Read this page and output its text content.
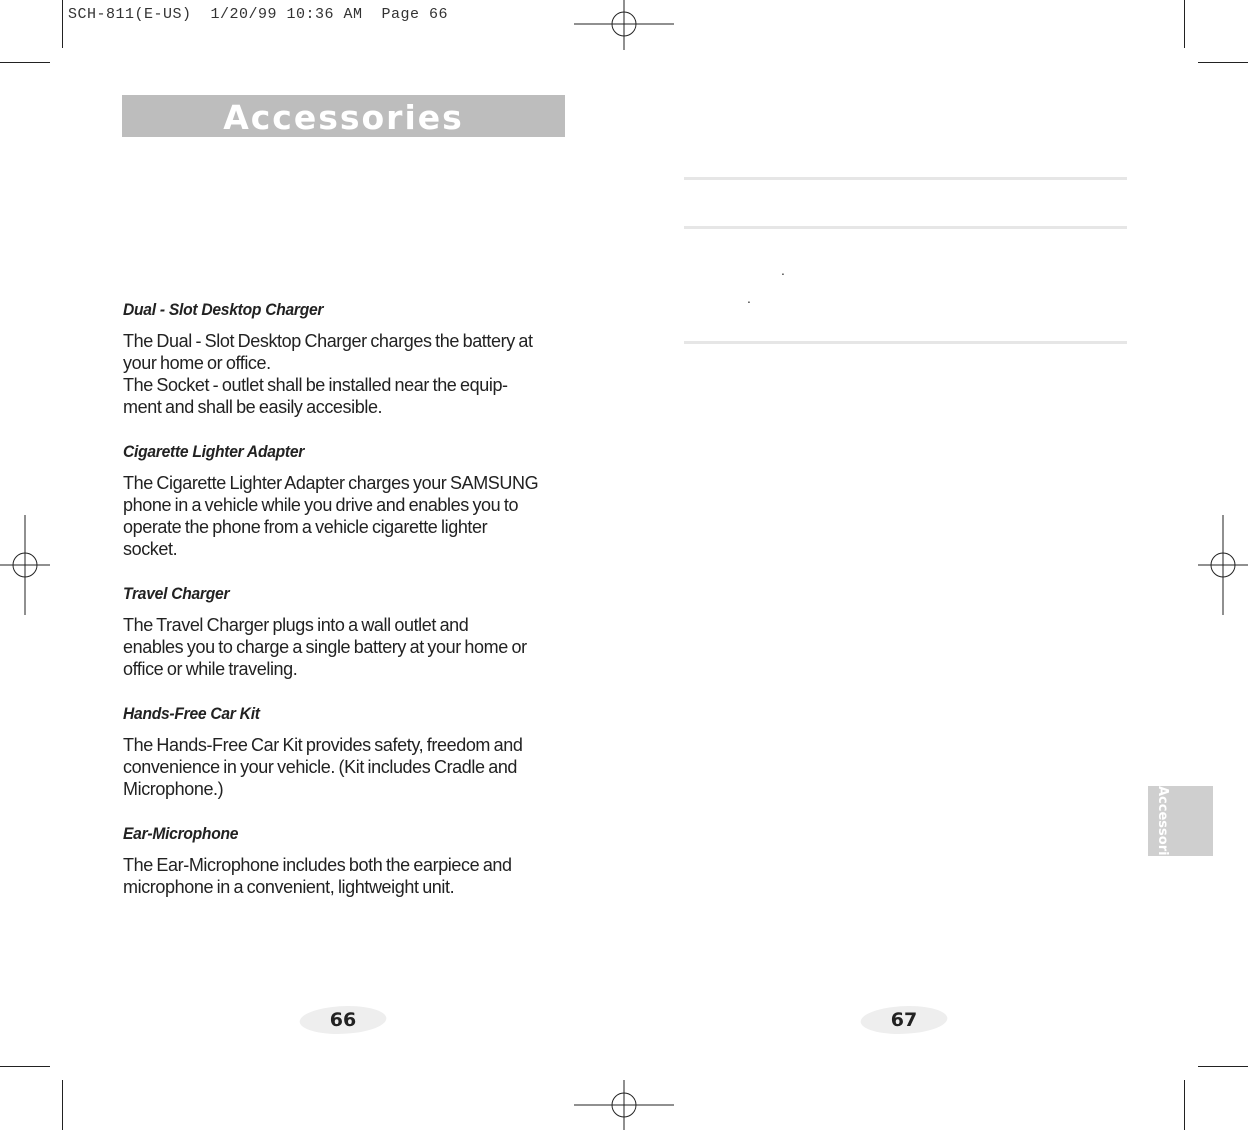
SCH-811(E-US)  1/20/99 10:36 AM  Page 66
Accessories
Dual - Slot Desktop Charger

The Dual - Slot Desktop Charger charges the battery at
your home or office.
The Socket - outlet shall be installed near the equip-
ment and shall be easily accesible.

Cigarette Lighter Adapter

The Cigarette Lighter Adapter charges your SAMSUNG
phone in a vehicle while you drive and enables you to
operate the phone from a vehicle cigarette lighter
socket.

Travel Charger

The Travel Charger plugs into a wall outlet and
enables you to charge a single battery at your home or
office or while traveling.

Hands-Free Car Kit

The Hands-Free Car Kit provides safety, freedom and
convenience in your vehicle. (Kit includes Cradle and
Microphone.)

Ear-Microphone

The Ear-Microphone includes both the earpiece and
microphone in a convenient, lightweight unit.

66
.
.
Accessories
67
